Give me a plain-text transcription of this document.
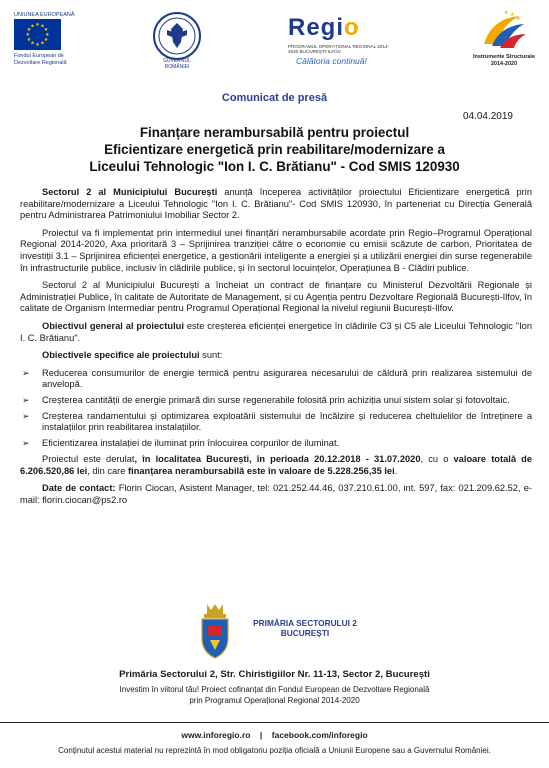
UNIUNEA EUROPEANĂ
★ ★
★
★
★
★
★
★
★
★
★
★
Fondul European de
Dezvoltare Regională
Regio
PROGRAMUL OPERAȚIONAL REGIONAL 2014-2020 BUCUREȘTI-ILFOV
Călătoria continuă!
★
★
★
Instrumente Structurale
2014-2020
Comunicat de presă
04.04.2019
Finanțare nerambursabilă pentru proiectul
Eficientizare energetică prin reabilitare/modernizare a
Liceului Tehnologic "Ion I. C. Brătianu" - Cod SMIS 120930

Sectorul 2 al Municipiului București anunță începerea activităților proiectului Eficientizare energetică prin reabilitare/modernizare a Liceului Tehnologic "Ion I. C. Brătianu"- Cod SMIS 120930, în parteneriat cu Direcția Generală pentru Administrarea Patrimoniului Imobiliar Sector 2.

Proiectul va fi implementat prin intermediul unei finanțări nerambursabile acordate prin Regio–Programul Operațional Regional 2014-2020, Axa prioritară 3 – Sprijinirea tranziției către o economie cu emisii scăzute de carbon, Prioritatea de investiții 3.1 – Sprijinirea eficienței energetice, a gestionării inteligente a energiei și a utilizării energiei din surse regenerabile în infrastructurile publice, inclusiv în clădirile publice, și în sectorul locuințelor, Operațiunea B - Clădiri publice.

Sectorul 2 al Municipiului București a încheiat un contract de finanțare cu Ministerul Dezvoltării Regionale și Administrației Publice, în calitate de Autoritate de Management, și cu Agenția pentru Dezvoltare Regională București-Ilfov, în calitate de Organism Intermediar pentru Programul Operațional Regional la nivelul regiunii București-Ilfov.

Obiectivul general al proiectului este creșterea eficienței energetice în clădirile C3 și C5 ale Liceului Tehnologic "Ion I. C. Brătianu".

Obiectivele specifice ale proiectului sunt:

➢ Reducerea consumurilor de energie termică pentru asigurarea necesarului de căldură prin realizarea sistemului de anvelopă.
➢ Creșterea cantității de energie primară din surse regenerabile folosită prin achiziția unui sistem solar și fotovoltaic.
➢ Creșterea randamentului și optimizarea exploatării sistemului de încălzire și reducerea cheltuielilor de întreținere a instalațiilor prin reabilitarea instalațiilor.
➢ Eficientizarea instalației de iluminat prin înlocuirea corpurilor de iluminat.

Proiectul este derulat, în localitatea București, în perioada 20.12.2018 - 31.07.2020, cu o valoare totală de 6.206.520,86 lei, din care finanțarea nerambursabilă este în valoare de 5.228.256,35 lei.

Date de contact: Florin Ciocan, Asistent Manager, tel: 021.252.44.46, 037.210.61.00, int. 597, fax: 021.209.62.52, e-mail: florin.ciocan@ps2.ro

PRIMĂRIA SECTORULUI 2
BUCUREȘTI
Primăria Sectorului 2, Str. Chiristigiilor Nr. 11-13, Sector 2, București
Investim în viitorul tău! Proiect cofinanțat din Fondul European de Dezvoltare Regională
prin Programul Operațional Regional 2014-2020
www.inforegio.ro | facebook.com/inforegio
Conținutul acestui material nu reprezintă în mod obligatoriu poziția oficială a Uniunii Europene sau a Guvernului României.
GUVERNUL ROMÂNIEI
